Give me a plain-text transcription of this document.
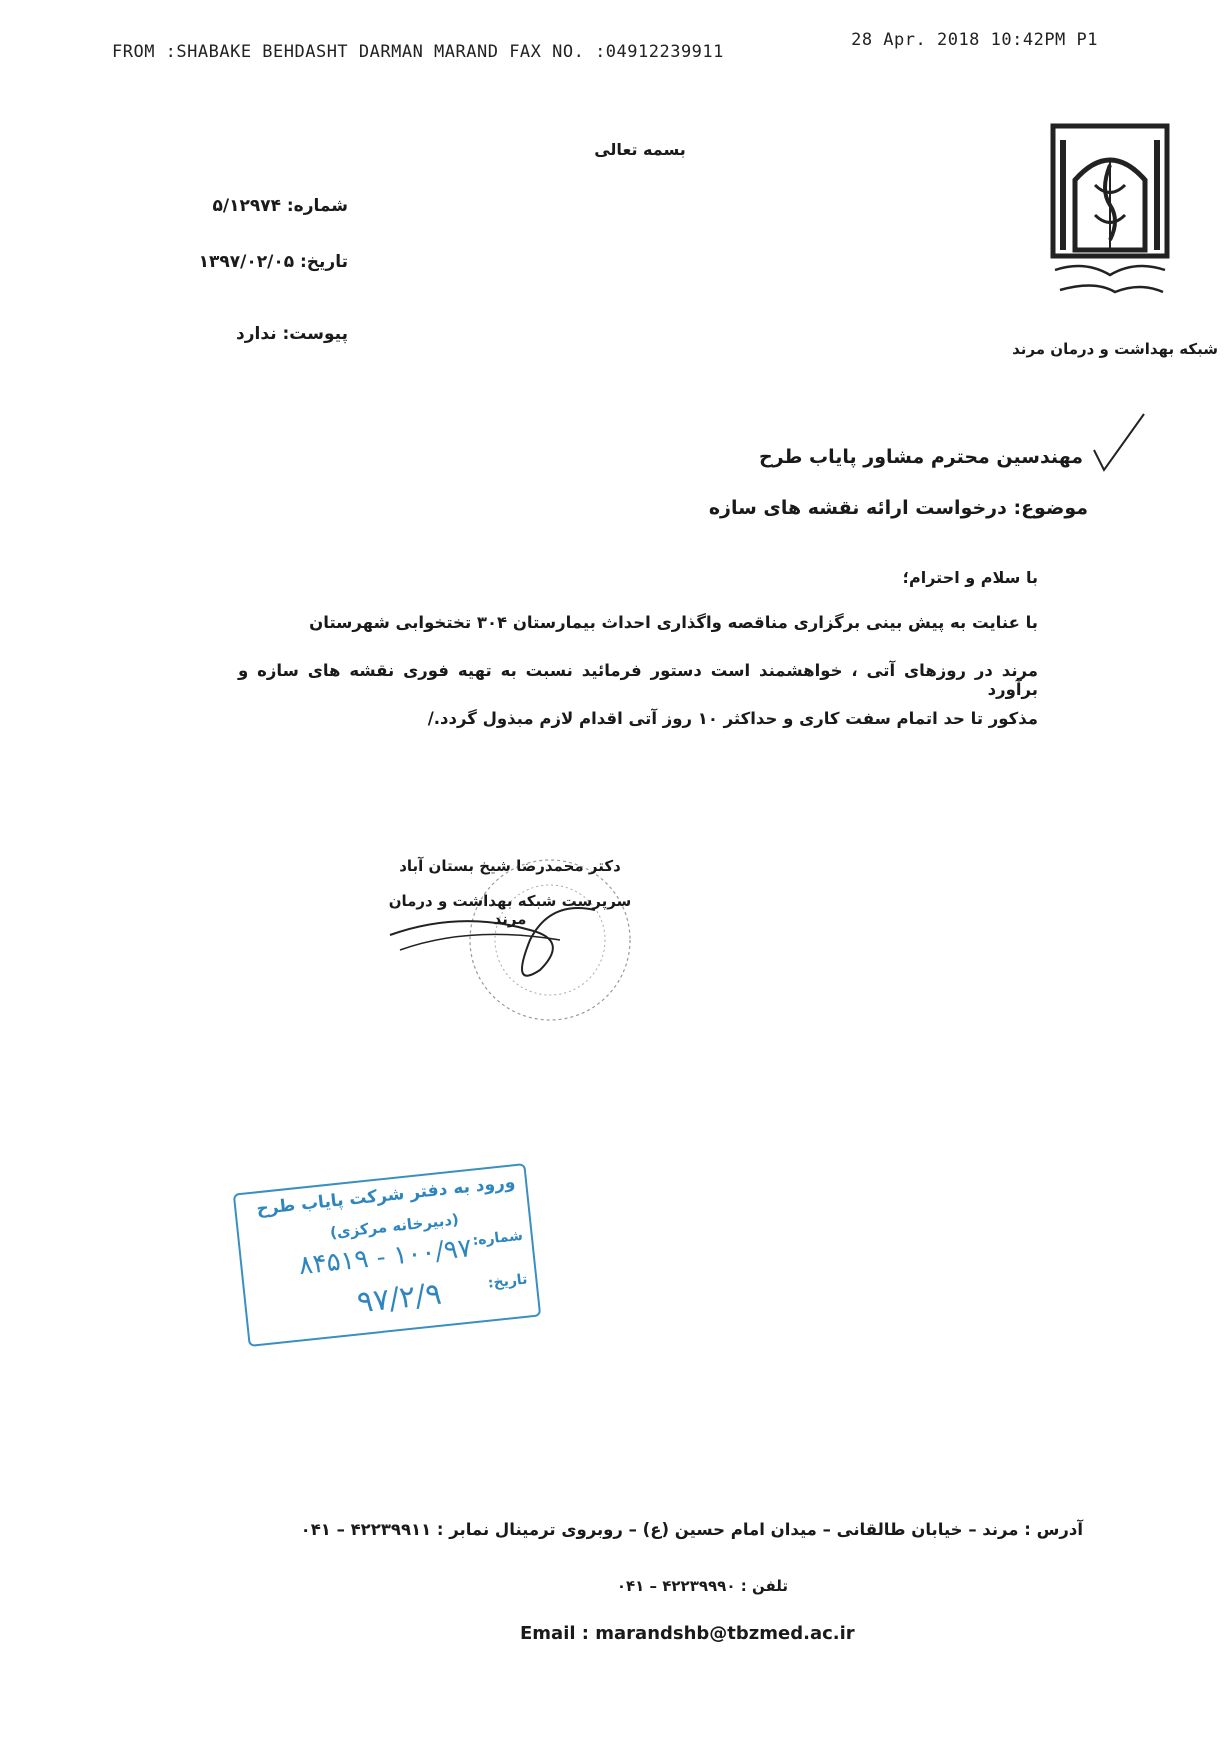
FROM :SHABAKE BEHDASHT DARMAN MARAND FAX NO. :04912239911
28 Apr. 2018 10:42PM P1
بسمه تعالی
شبکه بهداشت و درمان مرند
شماره: ۵/۱۲۹۷۴
تاریخ: ۱۳۹۷/۰۲/۰۵
پیوست: ندارد
مهندسین محترم مشاور پایاب طرح
موضوع: درخواست ارائه نقشه های سازه
با سلام و احترام؛
با عنایت به پیش بینی برگزاری مناقصه واگذاری احداث بیمارستان ۳۰۴ تختخوابی شهرستان
مرند در روزهای آتی ، خواهشمند است دستور فرمائید نسبت به تهیه فوری نقشه های سازه و برآورد
مذکور تا حد اتمام سفت کاری و حداکثر ۱۰ روز آتی اقدام لازم مبذول گردد./
دکتر محمدرضا شیخ بستان آباد
سرپرست شبکه بهداشت و درمان مرند
ورود به دفتر شرکت پایاب طرح
(دبیرخانه مرکزی) شماره:
۱۰۰/۹۷ - ۸۴۵۱۹
تاریخ:
۹۷/۲/۹
آدرس : مرند – خیابان طالقانی – میدان امام حسین (ع) – روبروی ترمینال نمابر : ۴۲۲۳۹۹۱۱ – ۰۴۱
تلفن : ۴۲۲۳۹۹۹۰ – ۰۴۱
Email : marandshb@tbzmed.ac.ir
